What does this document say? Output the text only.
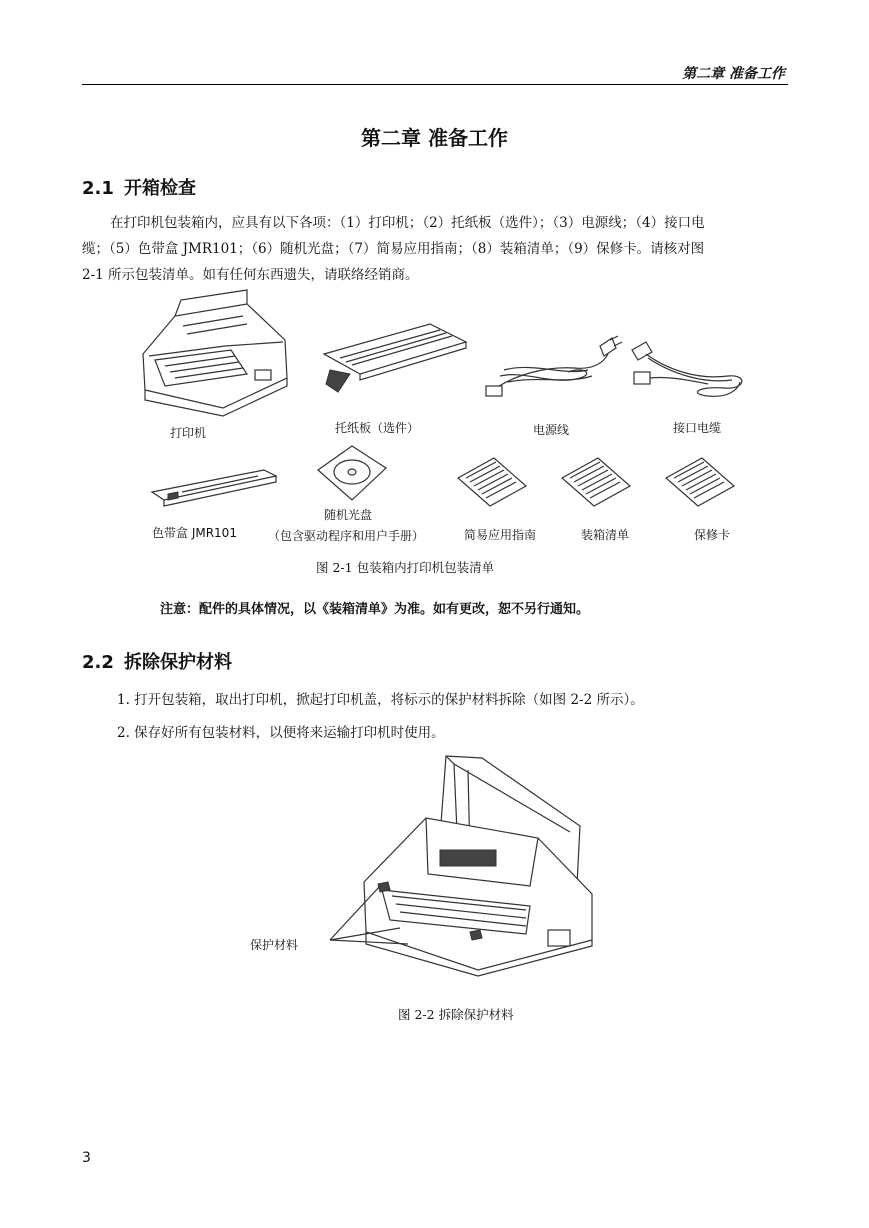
第二章 准备工作
第二章 准备工作
2.1 开箱检查

在打印机包装箱内，应具有以下各项：（1）打印机；（2）托纸板（选件）；（3）电源线；（4）接口电

缆；（5）色带盒 JMR101；（6）随机光盘；（7）简易应用指南；（8）装箱清单；（9）保修卡。请核对图

2-1 所示包装清单。如有任何东西遗失，请联络经销商。

打印机	托纸板（选件）	电源线	接口电缆
色带盒 JMR101
随机光盘
（包含驱动程序和用户手册）	简易应用指南	装箱清单	保修卡
图 2-1 包装箱内打印机包装清单
注意：配件的具体情况，以《装箱清单》为准。如有更改，恕不另行通知。
2.2 拆除保护材料
1. 打开包装箱，取出打印机，掀起打印机盖，将标示的保护材料拆除（如图 2-2 所示）。
2. 保存好所有包装材料，以便将来运输打印机时使用。
保护材料
图 2-2 拆除保护材料
3
